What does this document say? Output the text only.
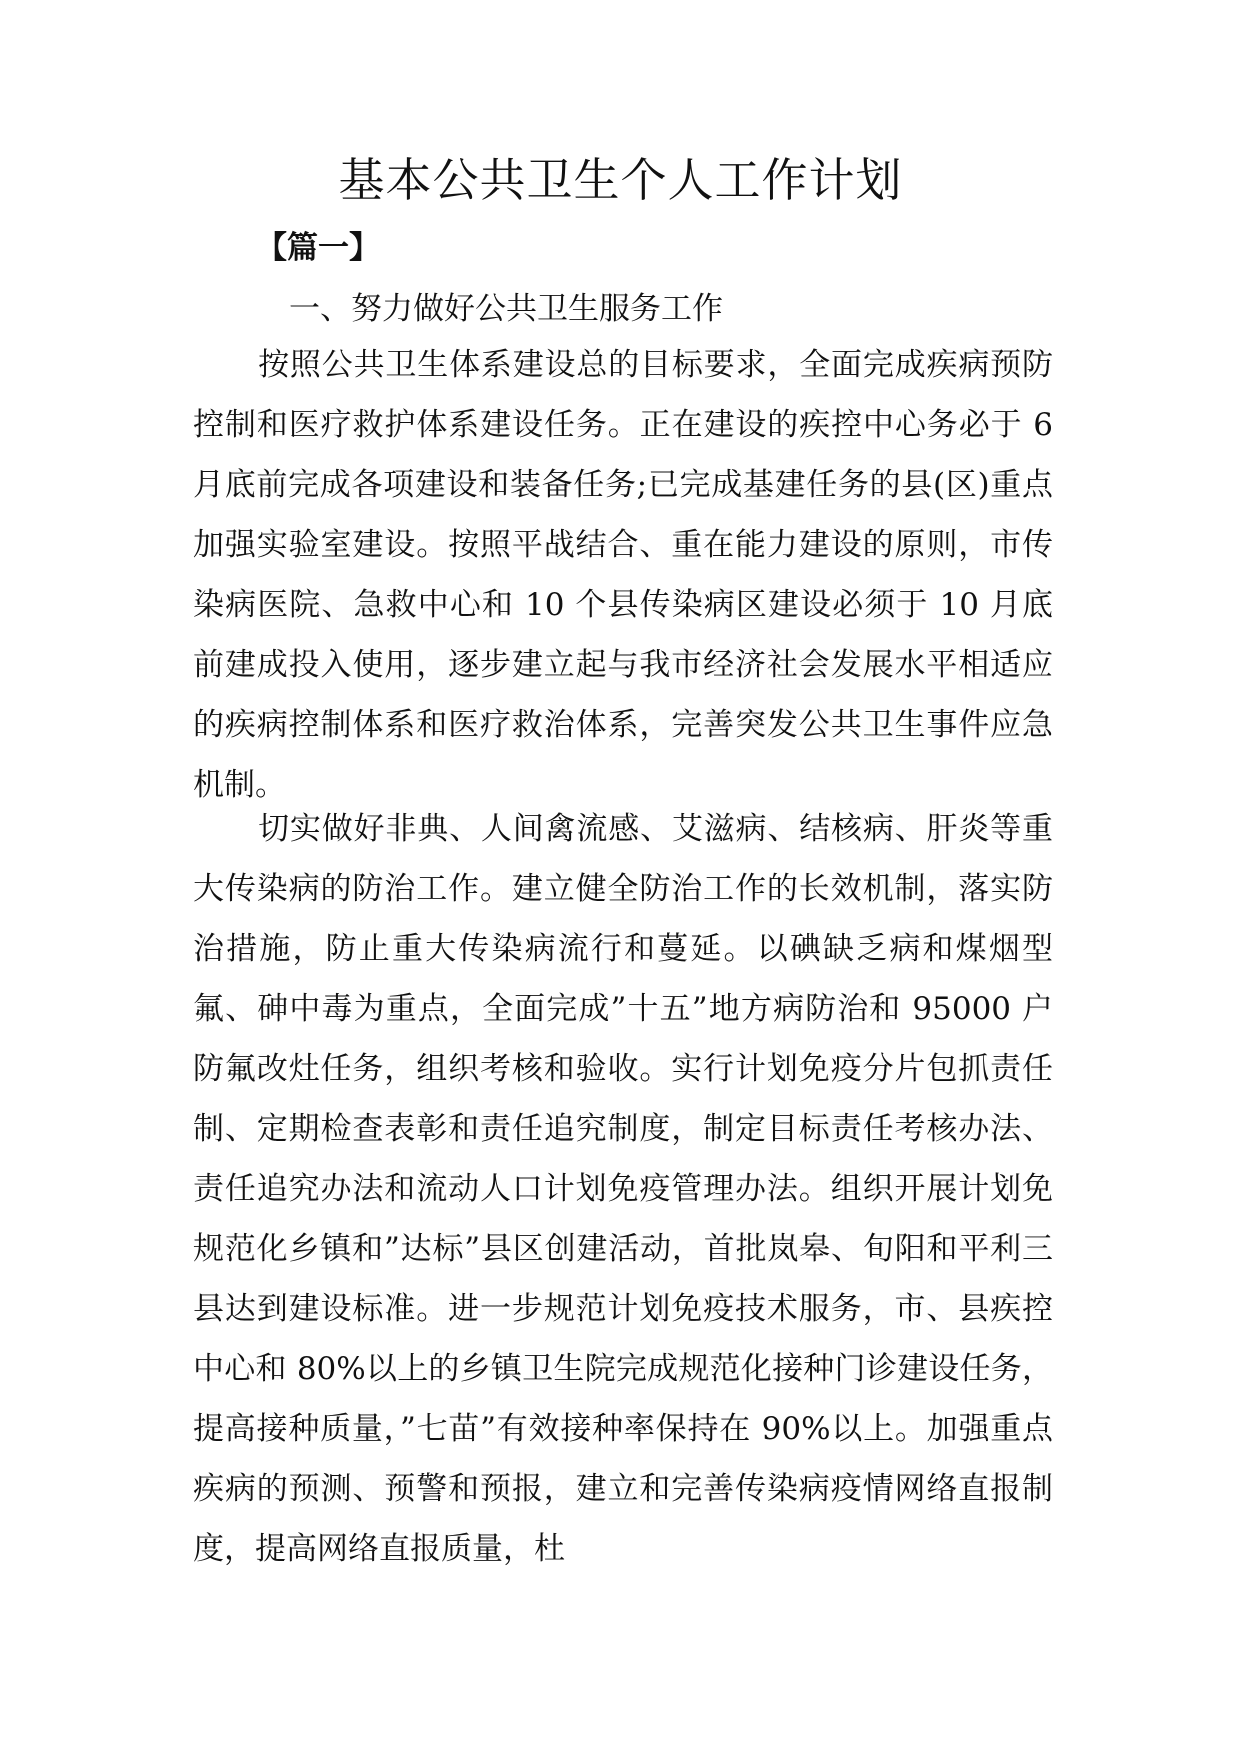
基本公共卫生个人工作计划
【篇一】
一、努力做好公共卫生服务工作

按照公共卫生体系建设总的目标要求，全面完成疾病预防控制和医疗救护体系建设任务。正在建设的疾控中心务必于 6 月底前完成各项建设和装备任务;已完成基建任务的县(区)重点加强实验室建设。按照平战结合、重在能力建设的原则，市传染病医院、急救中心和 10 个县传染病区建设必须于 10 月底前建成投入使用，逐步建立起与我市经济社会发展水平相适应的疾病控制体系和医疗救治体系，完善突发公共卫生事件应急机制。

切实做好非典、人间禽流感、艾滋病、结核病、肝炎等重大传染病的防治工作。建立健全防治工作的长效机制，落实防治措施，防止重大传染病流行和蔓延。以碘缺乏病和煤烟型氟、砷中毒为重点，全面完成”十五”地方病防治和 95000 户防氟改灶任务，组织考核和验收。实行计划免疫分片包抓责任制、定期检查表彰和责任追究制度，制定目标责任考核办法、责任追究办法和流动人口计划免疫管理办法。组织开展计划免规范化乡镇和”达标”县区创建活动，首批岚皋、旬阳和平利三县达到建设标准。进一步规范计划免疫技术服务，市、县疾控中心和 80%以上的乡镇卫生院完成规范化接种门诊建设任务，提高接种质量，”七苗”有效接种率保持在 90%以上。加强重点疾病的预测、预警和预报，建立和完善传染病疫情网络直报制度，提高网络直报质量，杜
